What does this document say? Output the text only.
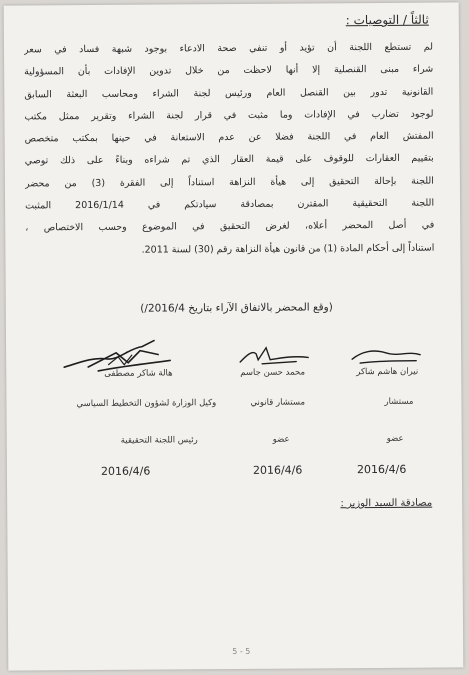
ثالثاً / التوصيات :
لم تستطع اللجنة أن تؤيد أو تنفي صحة الادعاء بوجود شبهة فساد في سعر
شراء مبنى القنصلية إلا أنها لاحظت من خلال تدوين الإفادات بأن المسؤولية
القانونية تدور بين القنصل العام ورئيس لجنة الشراء ومحاسب البعثة السابق
لوجود تضارب في الإفادات وما مثبت في قرار لجنة الشراء وتقرير ممثل مكتب
المفتش العام في اللجنة فضلا عن عدم الاستعانة في حينها بمكتب متخصص
بتقييم العقارات للوقوف على قيمة العقار الذي تم شراءه وبناءً على ذلك توصي
اللجنة بإحالة التحقيق إلى هيأة النزاهة استناداً إلى الفقرة (3) من محضر
اللجنة التحقيقية المقترن بمصادقة سيادتكم في 2016/1/14 المثبت
في أصل المحضر أعلاه، لغرض التحقيق في الموضوع وحسب الاختصاص ،
استناداً إلى أحكام المادة (1) من قانون هيأة النزاهة رقم (30) لسنة 2011.
(وقع المحضر بالاتفاق الآراء بتاريخ 2016/4/)
هالة شاكر مصطفى	محمد حسن جاسم	نيران هاشم شاكر
وكيل الوزارة لشؤون التخطيط السياسي	مستشار قانوني	مستشار
رئيس اللجنة التحقيقية	عضو	عضو
2016/4/6	2016/4/6	2016/4/6
مصادقة السيد الوزير :
5 - 5
